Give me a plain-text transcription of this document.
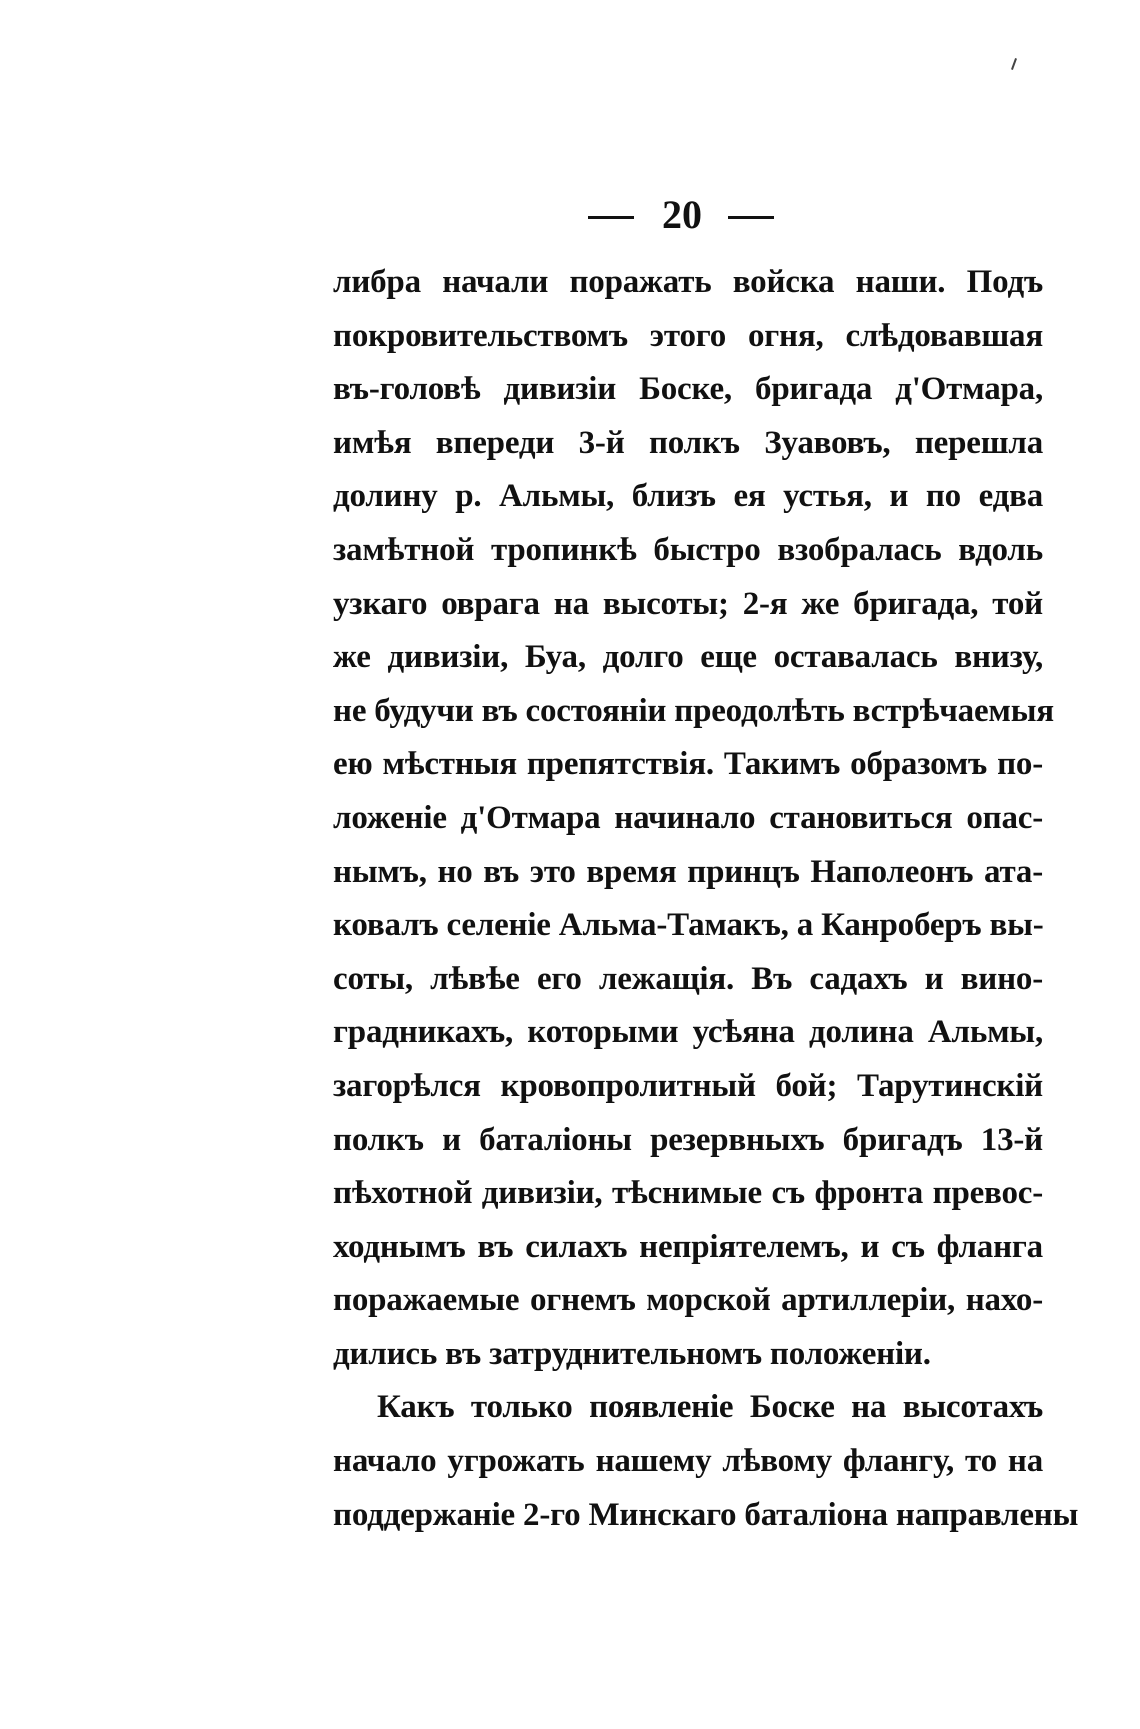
20
либра начали поражать войска наши. Подъ
покровительствомъ этого огня, слѣдовавшая
въ-головѣ дивизiи Боске, бригада д'Отмара,
имѣя впереди 3-й полкъ Зуавовъ, перешла
долину р. Альмы, близъ ея устья, и по едва
замѣтной тропинкѣ быстро взобралась вдоль
узкаго оврага на высоты; 2-я же бригада, той
же дивизiи, Буа, долго еще оставалась внизу,
не будучи въ состоянiи преодолѣть встрѣчаемыя
ею мѣстныя препятствiя. Такимъ образомъ по-
ложенiе д'Отмара начинало становиться опас-
нымъ, но въ это время принцъ Наполеонъ ата-
ковалъ селенiе Альма-Тамакъ, а Канроберъ вы-
соты, лѣвѣе его лежащiя. Въ садахъ и вино-
градникахъ, которыми усѣяна долина Альмы,
загорѣлся кровопролитный бой; Тарутинскiй
полкъ и баталiоны резервныхъ бригадъ 13-й
пѣхотной дивизiи, тѣснимые съ фронта превос-
ходнымъ въ силахъ непрiятелемъ, и съ фланга
поражаемые огнемъ морской артиллерiи, нахо-
дились въ затруднительномъ положенiи.
Какъ только появленiе Боске на высотахъ
начало угрожать нашему лѣвому флангу, то на
поддержанiе 2-го Минскаго баталiона направлены
